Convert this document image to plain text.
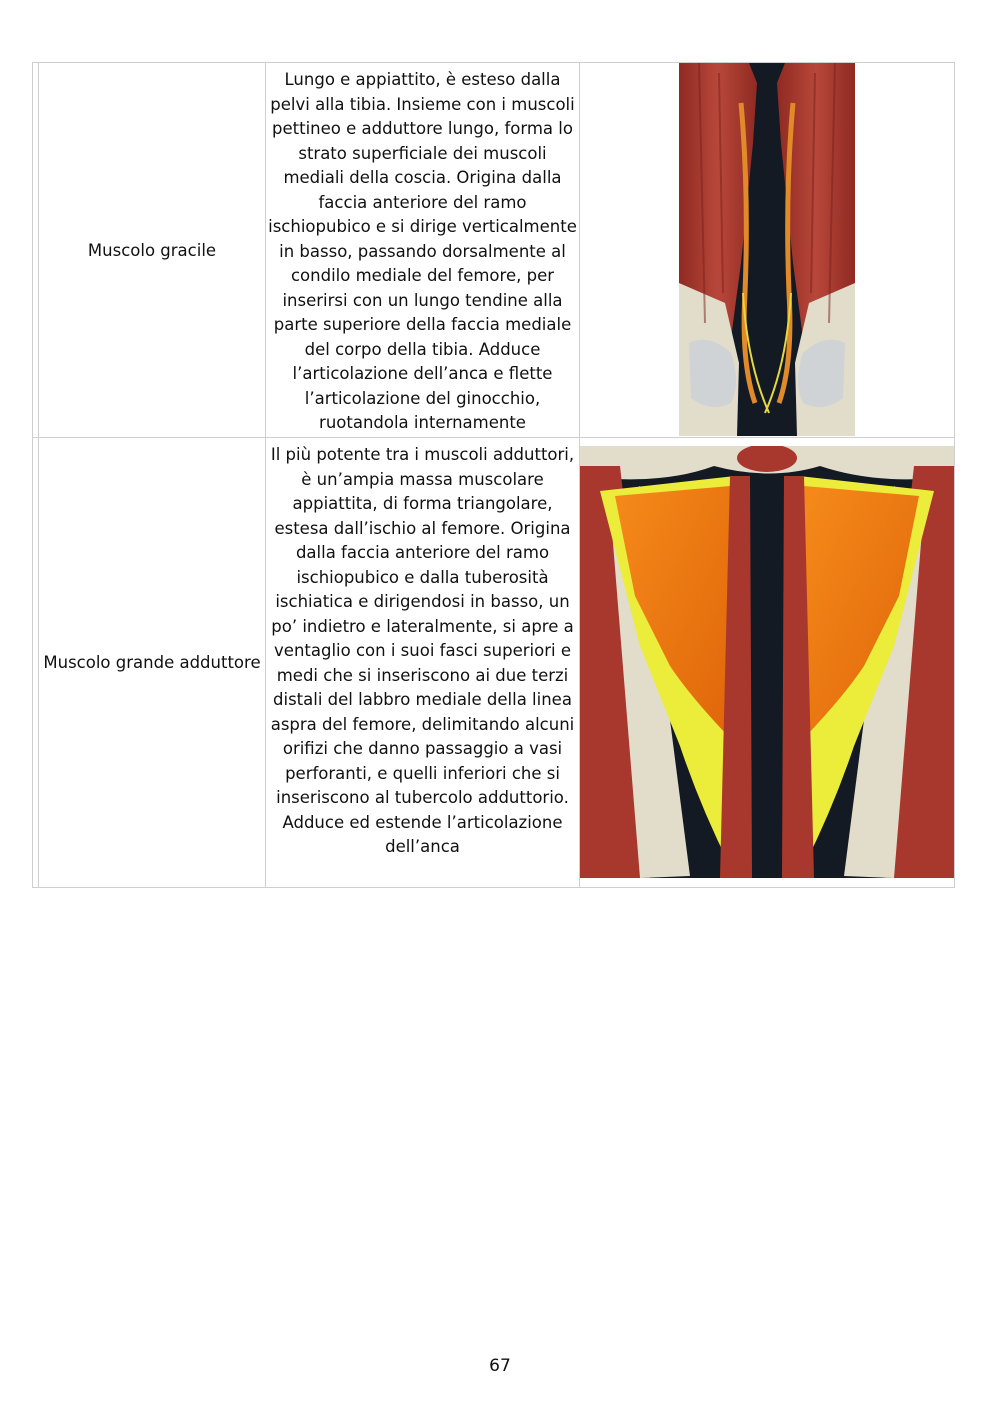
Muscolo gracile
Lungo e appiattito, è esteso dalla pelvi alla tibia. Insieme con i muscoli pettineo e adduttore lungo, forma lo strato superficiale dei muscoli mediali della coscia. Origina dalla faccia anteriore del ramo ischiopubico e si dirige verticalmente in basso, passando dorsalmente al condilo mediale del femore, per inserirsi con un lungo tendine alla parte superiore della faccia mediale del corpo della tibia. Adduce l’articolazione dell’anca e flette l’articolazione del ginocchio, ruotandola internamente
Muscolo grande adduttore
Il più potente tra i muscoli adduttori, è un’ampia massa muscolare appiattita, di forma triangolare, estesa dall’ischio al femore. Origina dalla faccia anteriore del ramo ischiopubico e dalla tuberosità ischiatica e dirigendosi in basso, un po’ indietro e lateralmente, si apre a ventaglio con i suoi fasci superiori e medi che si inseriscono ai due terzi distali del labbro mediale della linea aspra del femore, delimitando alcuni orifizi che danno passaggio a vasi perforanti, e quelli inferiori che si inseriscono al tubercolo adduttorio. Adduce ed estende l’articolazione dell’anca
67
